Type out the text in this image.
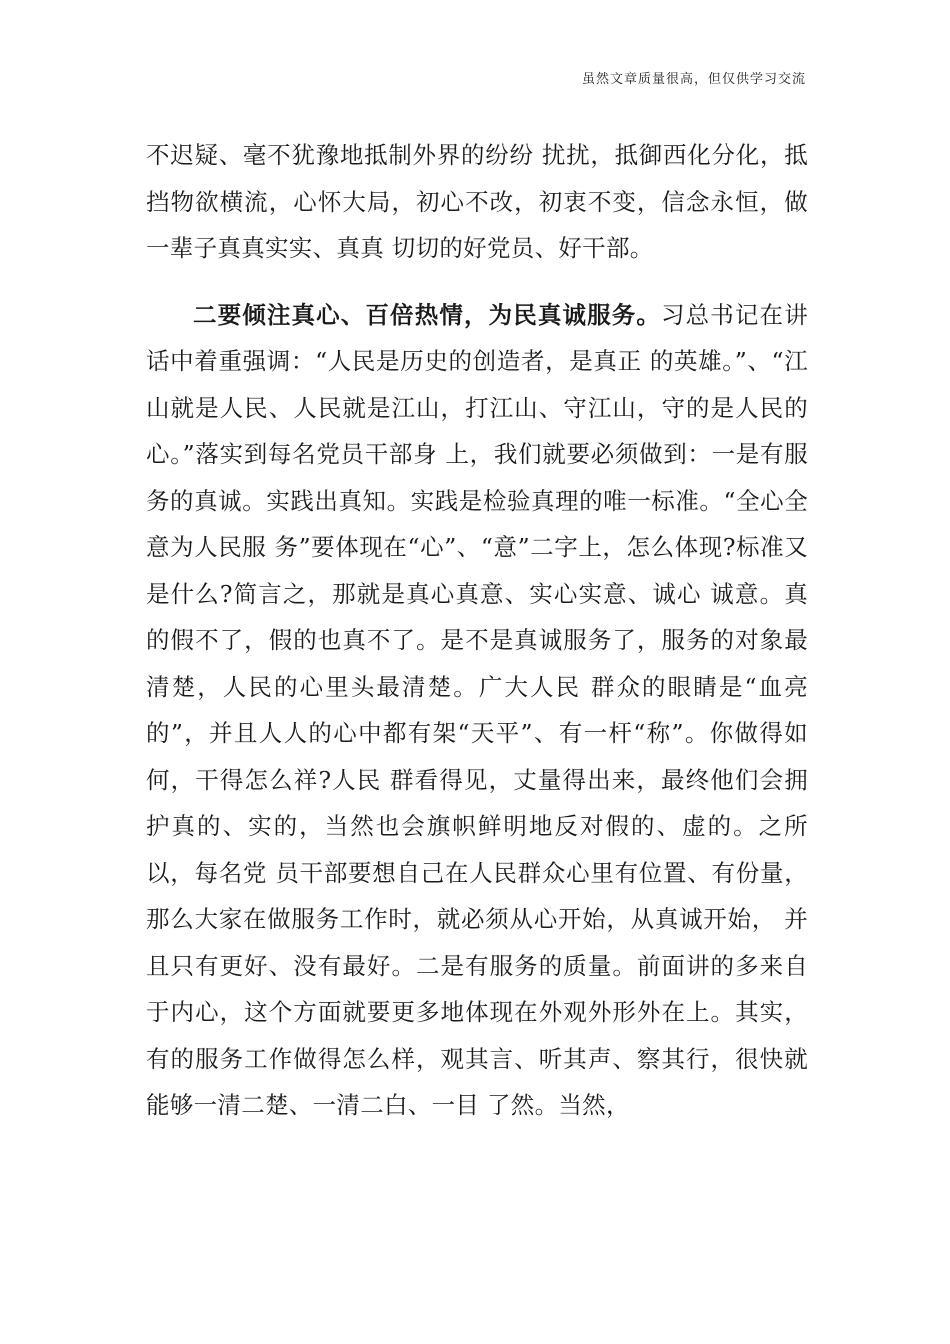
虽然文章质量很高，但仅供学习交流

不迟疑、毫不犹豫地抵制外界的纷纷 扰扰，抵御西化分化，抵挡物欲横流，心怀大局，初心不改，初衷不变，信念永恒，做一辈子真真实实、真真 切切的好党员、好干部。

二要倾注真心、百倍热情，为民真诚服务。习总书记在讲话中着重强调：“人民是历史的创造者，是真正 的英雄。”、“江山就是人民、人民就是江山，打江山、守江山，守的是人民的心。”落实到每名党员干部身 上，我们就要必须做到：一是有服务的真诚。实践出真知。实践是检验真理的唯一标准。“全心全意为人民服 务”要体现在“心”、“意”二字上，怎么体现?标准又是什么?简言之，那就是真心真意、实心实意、诚心 诚意。真的假不了，假的也真不了。是不是真诚服务了，服务的对象最清楚，人民的心里头最清楚。广大人民 群众的眼睛是“血亮的”，并且人人的心中都有架“天平”、有一杆“称”。你做得如何，干得怎么祥?人民 群看得见，丈量得出来，最终他们会拥护真的、实的，当然也会旗帜鲜明地反对假的、虚的。之所以，每名党 员干部要想自己在人民群众心里有位置、有份量，那么大家在做服务工作时，就必须从心开始，从真诚开始， 并且只有更好、没有最好。二是有服务的质量。前面讲的多来自于内心，这个方面就要更多地体现在外观外形外在上。其实，有的服务工作做得怎么样，观其言、听其声、察其行，很快就能够一清二楚、一清二白、一目 了然。当然，
